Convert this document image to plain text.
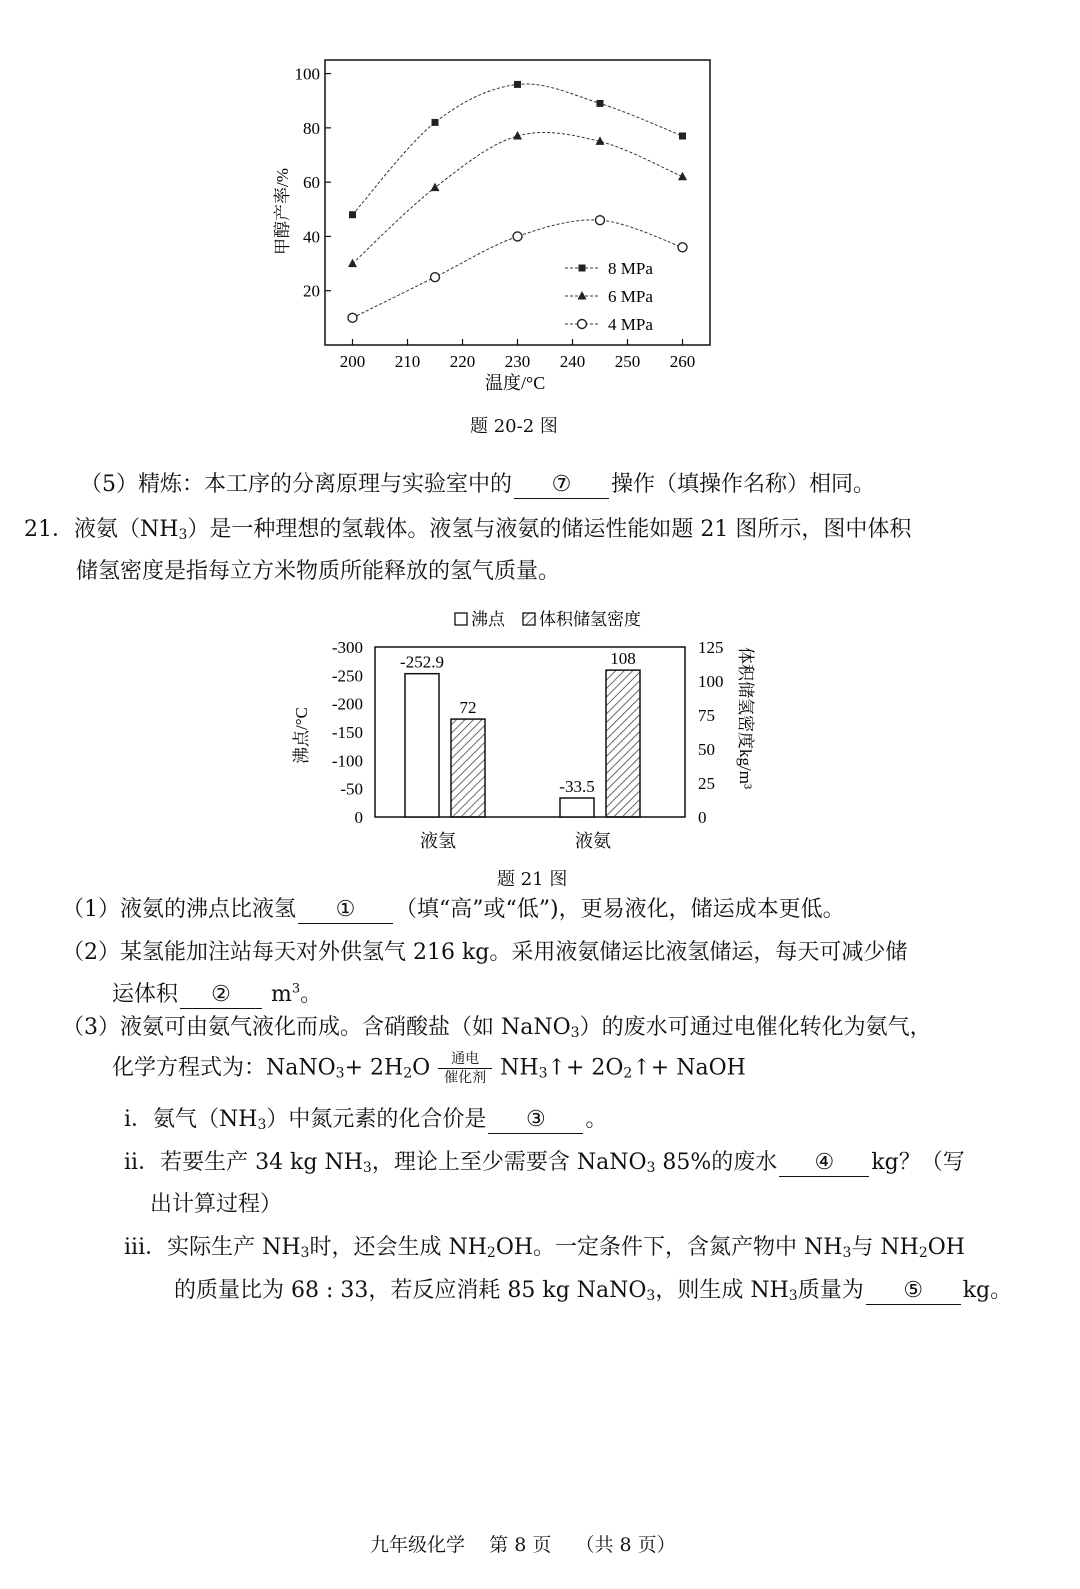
200 210 220 230 240 250 260
20
40
60
80
100
甲醇产率/%
温度/°C
8 MPa
6 MPa
4 MPa
题 20-2 图
（5）精炼：本工序的分离原理与实验室中的 ⑦ 操作（填操作名称）相同。
21．液氨$(NH_3)$是一种理想的氢载体。液氢与液氨的储运性能如题 21 图所示，图中体积
储氢密度是指每立方米物质所能释放的氢气质量。
沸点 体积储氢密度
-300
-250
-200
-150
-100
-50
0
125
100
75
50
25
0
-252.9
72
液氢
-33.5
108
液氨
沸点/°C	体积储氢密度kg/m³
题 21 图
（1）液氨的沸点比液氢 ① （填“高”或“低”)，更易液化，储运成本更低。
（2）某氢能加注站每天对外供氢气 216 kg。采用液氨储运比液氢储运，每天可减少储
运体积 ② $m^3$。
（3）液氨可由氨气液化而成。含硝酸盐（如 NaNO$_3$）的废水可通过电催化转化为氨气，
化学方程式为：NaNO$_3$+ $2H_2O \frac{\text{通电}}{\text{催化剂}}$ $NH_3↑+$ $2O_2↑+$ NaOH
i．氨气$(NH_3)$中氮元素的化合价是 ③ 。
ii．若要生产 34 kg $NH_3$，理论上至少需要含 NaNO$_3$ 85%的废水 ④ kg？（写
出计算过程）
iii．实际生产 $NH_3$时，还会生成 $NH_2OH$。一定条件下，含氮产物中 $NH_3$与 $NH_2OH$
的质量比为 68 : 33，若反应消耗 85 kg NaNO$_3$，则生成 $NH_3$质量为 ⑤ kg。
九年级化学    第 8 页    （共 8 页）
